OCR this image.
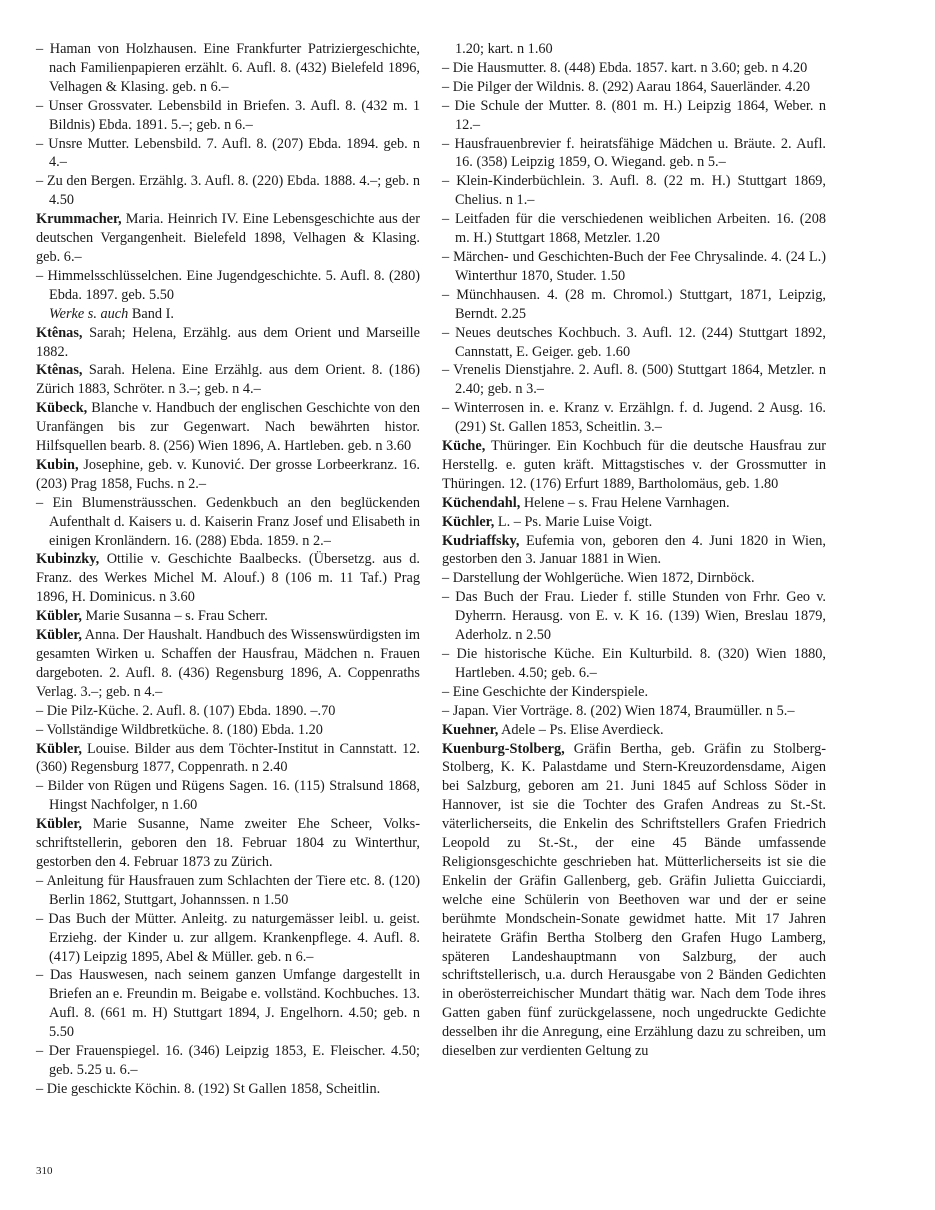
– Haman von Holzhausen. Eine Frankfurter Patriziergeschichte, nach Familienpapieren erzählt. 6. Aufl. 8. (432) Bielefeld 1896, Velhagen & Klasing. geb. n 6.–

– Unser Grossvater. Lebensbild in Briefen. 3. Aufl. 8. (432 m. 1 Bildnis) Ebda. 1891. 5.–; geb. n 6.–

– Unsre Mutter. Lebensbild. 7. Aufl. 8. (207) Ebda. 1894. geb. n 4.–

– Zu den Bergen. Erzählg. 3. Aufl. 8. (220) Ebda. 1888. 4.–; geb. n 4.50

Krummacher, Maria. Heinrich IV. Eine Lebensgeschichte aus der deutschen Vergangenheit. Bielefeld 1898, Velhagen & Klasing. geb. 6.–

– Himmelsschlüsselchen. Eine Jugendgeschichte. 5. Aufl. 8. (280) Ebda. 1897. geb. 5.50
Werke s. auch Band I.

Ktênas, Sarah; Helena, Erzählg. aus dem Orient und Marseille 1882.

Ktênas, Sarah. Helena. Eine Erzählg. aus dem Orient. 8. (186) Zürich 1883, Schröter. n 3.–; geb. n 4.–

Kübeck, Blanche v. Handbuch der englischen Geschichte von den Uranfängen bis zur Gegenwart. Nach bewährten histor. Hilfsquellen bearb. 8. (256) Wien 1896, A. Hartleben. geb. n 3.60

Kubin, Josephine, geb. v. Kunović. Der grosse Lorbeerkranz. 16. (203) Prag 1858, Fuchs. n 2.–

– Ein Blumensträusschen. Gedenkbuch an den beglückenden Aufenthalt d. Kaisers u. d. Kaiserin Franz Josef und Elisabeth in einigen Kronländern. 16. (288) Ebda. 1859. n 2.–

Kubinzky, Ottilie v. Geschichte Baalbecks. (Übersetzg. aus d. Franz. des Werkes Michel M. Alouf.) 8 (106 m. 11 Taf.) Prag 1896, H. Dominicus. n 3.60

Kübler, Marie Susanna – s. Frau Scherr.

Kübler, Anna. Der Haushalt. Handbuch des Wissenswürdigsten im gesamten Wirken u. Schaffen der Hausfrau, Mädchen n. Frauen dargeboten. 2. Aufl. 8. (436) Regensburg 1896, A. Coppenraths Verlag. 3.–; geb. n 4.–

– Die Pilz-Küche. 2. Aufl. 8. (107) Ebda. 1890. –.70

– Vollständige Wildbretküche. 8. (180) Ebda. 1.20

Kübler, Louise. Bilder aus dem Töchter-Institut in Cannstatt. 12. (360) Regensburg 1877, Coppenrath. n 2.40

– Bilder von Rügen und Rügens Sagen. 16. (115) Stralsund 1868, Hingst Nachfolger, n 1.60

Kübler, Marie Susanne, Name zweiter Ehe Scheer, Volksschriftstellerin, geboren den 18. Februar 1804 zu Winterthur, gestorben den 4. Februar 1873 zu Zürich.

– Anleitung für Hausfrauen zum Schlachten der Tiere etc. 8. (120) Berlin 1862, Stuttgart, Johannssen. n 1.50

– Das Buch der Mütter. Anleitg. zu naturgemässer leibl. u. geist. Erziehg. der Kinder u. zur allgem. Krankenpflege. 4. Aufl. 8. (417) Leipzig 1895, Abel & Müller. geb. n 6.–

– Das Hauswesen, nach seinem ganzen Umfange dargestellt in Briefen an e. Freundin m. Beigabe e. vollständ. Kochbuches. 13. Aufl. 8. (661 m. H) Stuttgart 1894, J. Engelhorn. 4.50; geb. n 5.50

– Der Frauenspiegel. 16. (346) Leipzig 1853, E. Fleischer. 4.50; geb. 5.25 u. 6.–

– Die geschickte Köchin. 8. (192) St Gallen 1858, Scheitlin.

1.20; kart. n 1.60

– Die Hausmutter. 8. (448) Ebda. 1857. kart. n 3.60; geb. n 4.20

– Die Pilger der Wildnis. 8. (292) Aarau 1864, Sauerländer. 4.20

– Die Schule der Mutter. 8. (801 m. H.) Leipzig 1864, Weber. n 12.–

– Hausfrauenbrevier f. heiratsfähige Mädchen u. Bräute. 2. Aufl. 16. (358) Leipzig 1859, O. Wiegand. geb. n 5.–

– Klein-Kinderbüchlein. 3. Aufl. 8. (22 m. H.) Stuttgart 1869, Chelius. n 1.–

– Leitfaden für die verschiedenen weiblichen Arbeiten. 16. (208 m. H.) Stuttgart 1868, Metzler. 1.20

– Märchen- und Geschichten-Buch der Fee Chrysalinde. 4. (24 L.) Winterthur 1870, Studer. 1.50

– Münchhausen. 4. (28 m. Chromol.) Stuttgart, 1871, Leipzig, Berndt. 2.25

– Neues deutsches Kochbuch. 3. Aufl. 12. (244) Stuttgart 1892, Cannstatt, E. Geiger. geb. 1.60

– Vrenelis Dienstjahre. 2. Aufl. 8. (500) Stuttgart 1864, Metzler. n 2.40; geb. n 3.–

– Winterrosen in. e. Kranz v. Erzählgn. f. d. Jugend. 2 Ausg. 16. (291) St. Gallen 1853, Scheitlin. 3.–

Küche, Thüringer. Ein Kochbuch für die deutsche Hausfrau zur Herstellg. e. guten kräft. Mittagstisches v. der Grossmutter in Thüringen. 12. (176) Erfurt 1889, Bartholomäus, geb. 1.80

Küchendahl, Helene – s. Frau Helene Varnhagen.

Küchler, L. – Ps. Marie Luise Voigt.

Kudriaffsky, Eufemia von, geboren den 4. Juni 1820 in Wien, gestorben den 3. Januar 1881 in Wien.

– Darstellung der Wohlgerüche. Wien 1872, Dirnböck.

– Das Buch der Frau. Lieder f. stille Stunden von Frhr. Geo v. Dyherrn. Herausg. von E. v. K 16. (139) Wien, Breslau 1879, Aderholz. n 2.50

– Die historische Küche. Ein Kulturbild. 8. (320) Wien 1880, Hartleben. 4.50; geb. 6.–

– Eine Geschichte der Kinderspiele.

– Japan. Vier Vorträge. 8. (202) Wien 1874, Braumüller. n 5.–

Kuehner, Adele – Ps. Elise Averdieck.

Kuenburg-Stolberg, Gräfin Bertha, geb. Gräfin zu Stolberg-Stolberg, K. K. Palastdame und Stern-Kreuzordensdame, Aigen bei Salzburg, geboren am 21. Juni 1845 auf Schloss Söder in Hannover, ist sie die Tochter des Grafen Andreas zu St.-St. väterlicherseits, die Enkelin des Schriftstellers Grafen Friedrich Leopold zu St.-St., der eine 45 Bände umfassende Religionsgeschichte geschrieben hat. Mütterlicherseits ist sie die Enkelin der Gräfin Gallenberg, geb. Gräfin Julietta Guicciardi, welche eine Schülerin von Beethoven war und der er seine berühmte Mondschein-Sonate gewidmet hatte. Mit 17 Jahren heiratete Gräfin Bertha Stolberg den Grafen Hugo Lamberg, späteren Landeshauptmann von Salzburg, der auch schriftstellerisch, u.a. durch Herausgabe von 2 Bänden Gedichten in oberösterreichischer Mundart thätig war. Nach dem Tode ihres Gatten gaben fünf zurückgelassene, noch ungedruckte Gedichte desselben ihr die Anregung, eine Erzählung dazu zu schreiben, um dieselben zur verdienten Geltung zu

310
